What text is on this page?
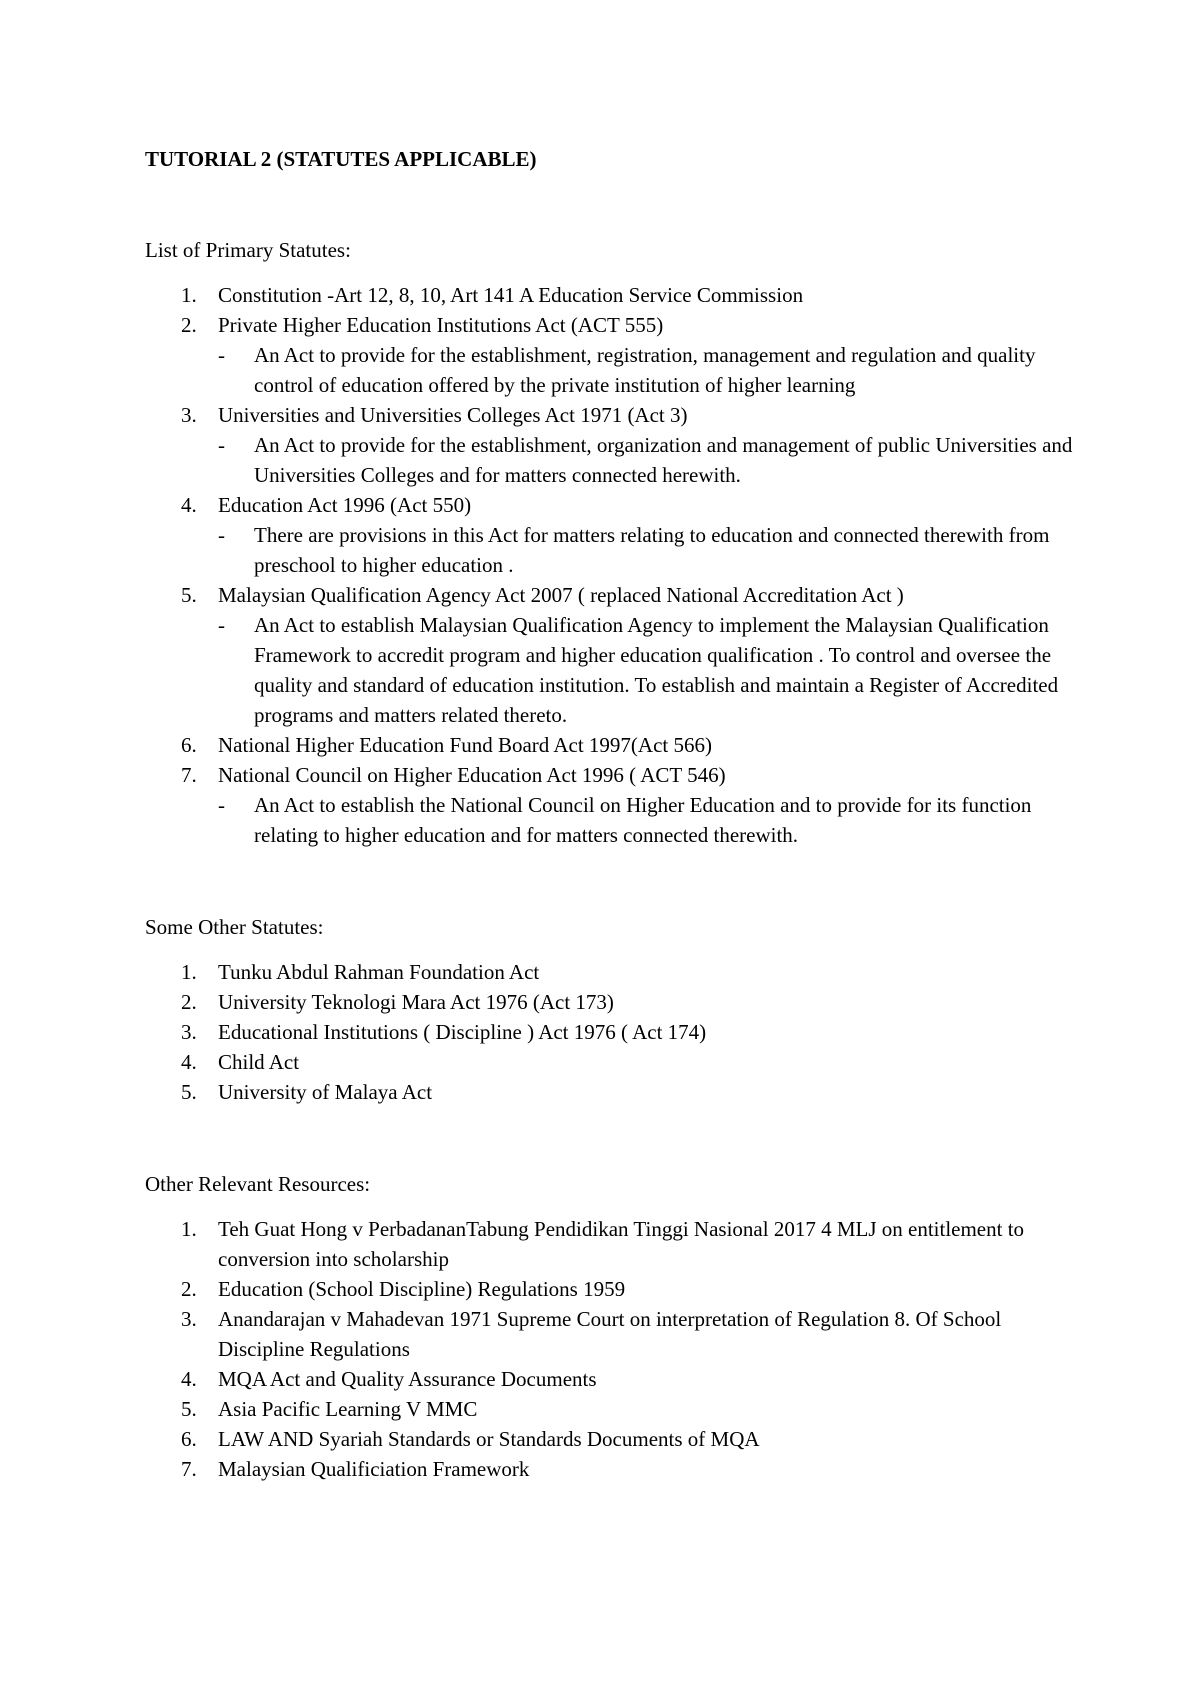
TUTORIAL 2 (STATUTES APPLICABLE)
List of Primary Statutes:
1. Constitution -Art 12, 8, 10, Art 141 A Education Service Commission
2. Private Higher Education Institutions Act (ACT 555)
- An Act to provide for the establishment, registration, management and regulation and quality control of education offered by the private institution of higher learning
3. Universities and Universities Colleges Act 1971 (Act 3)
- An Act to provide for the establishment, organization and management of public Universities and Universities Colleges and for matters connected herewith.
4. Education Act 1996 (Act 550)
- There are provisions in this Act for matters relating to education and connected therewith from preschool to higher education .
5. Malaysian Qualification Agency Act 2007 ( replaced National Accreditation Act )
- An Act to establish Malaysian Qualification Agency to implement the Malaysian Qualification Framework to accredit program and higher education qualification . To control and oversee the quality and standard of education institution. To establish and maintain a Register of Accredited programs and matters related thereto.
6. National Higher Education Fund Board Act 1997(Act 566)
7. National Council on Higher Education Act 1996 ( ACT 546)
- An Act to establish the National Council on Higher Education and to provide for its function relating to higher education and for matters connected therewith.
Some Other Statutes:
1. Tunku Abdul Rahman Foundation Act
2. University Teknologi Mara Act 1976 (Act 173)
3. Educational Institutions ( Discipline ) Act 1976 ( Act 174)
4. Child Act
5. University of Malaya Act
Other Relevant Resources:
1. Teh Guat Hong v PerbadananTabung Pendidikan Tinggi Nasional 2017 4 MLJ on entitlement to conversion into scholarship
2. Education (School Discipline) Regulations 1959
3. Anandarajan v Mahadevan 1971 Supreme Court on interpretation of Regulation 8. Of School Discipline Regulations
4. MQA Act and Quality Assurance Documents
5. Asia Pacific Learning V MMC
6. LAW AND Syariah Standards or Standards Documents of MQA
7. Malaysian Qualificiation Framework
